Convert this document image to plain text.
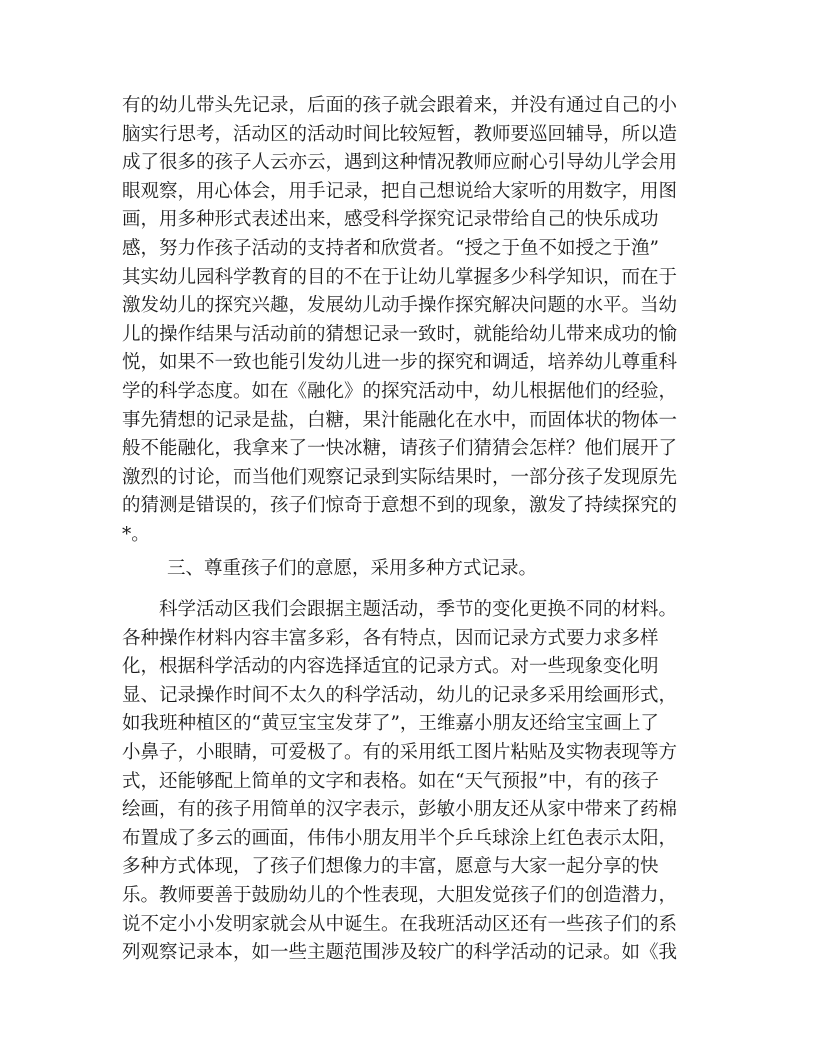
有的幼儿带头先记录，后面的孩子就会跟着来，并没有通过自己的小
脑实行思考，活动区的活动时间比较短暂，教师要巡回辅导，所以造
成了很多的孩子人云亦云，遇到这种情况教师应耐心引导幼儿学会用
眼观察，用心体会，用手记录，把自己想说给大家听的用数字，用图
画，用多种形式表述出来，感受科学探究记录带给自己的快乐成功
感，努力作孩子活动的支持者和欣赏者。“授之于鱼不如授之于渔”
其实幼儿园科学教育的目的不在于让幼儿掌握多少科学知识，而在于
激发幼儿的探究兴趣，发展幼儿动手操作探究解决问题的水平。当幼
儿的操作结果与活动前的猜想记录一致时，就能给幼儿带来成功的愉
悦，如果不一致也能引发幼儿进一步的探究和调适，培养幼儿尊重科
学的科学态度。如在《融化》的探究活动中，幼儿根据他们的经验，
事先猜想的记录是盐，白糖，果汁能融化在水中，而固体状的物体一
般不能融化，我拿来了一快冰糖，请孩子们猜猜会怎样？他们展开了
激烈的讨论，而当他们观察记录到实际结果时，一部分孩子发现原先
的猜测是错误的，孩子们惊奇于意想不到的现象，激发了持续探究的
*。
三、尊重孩子们的意愿，采用多种方式记录。
　　科学活动区我们会跟据主题活动，季节的变化更换不同的材料。
各种操作材料内容丰富多彩，各有特点，因而记录方式要力求多样
化，根据科学活动的内容选择适宜的记录方式。对一些现象变化明
显、记录操作时间不太久的科学活动，幼儿的记录多采用绘画形式，
如我班种植区的“黄豆宝宝发芽了”，王维嘉小朋友还给宝宝画上了
小鼻子，小眼睛，可爱极了。有的采用纸工图片粘贴及实物表现等方
式，还能够配上简单的文字和表格。如在“天气预报”中，有的孩子
绘画，有的孩子用简单的汉字表示，彭敏小朋友还从家中带来了药棉
布置成了多云的画面，伟伟小朋友用半个乒乓球涂上红色表示太阳，
多种方式体现，了孩子们想像力的丰富，愿意与大家一起分享的快
乐。教师要善于鼓励幼儿的个性表现，大胆发觉孩子们的创造潜力，
说不定小小发明家就会从中诞生。在我班活动区还有一些孩子们的系
列观察记录本，如一些主题范围涉及较广的科学活动的记录。如《我
